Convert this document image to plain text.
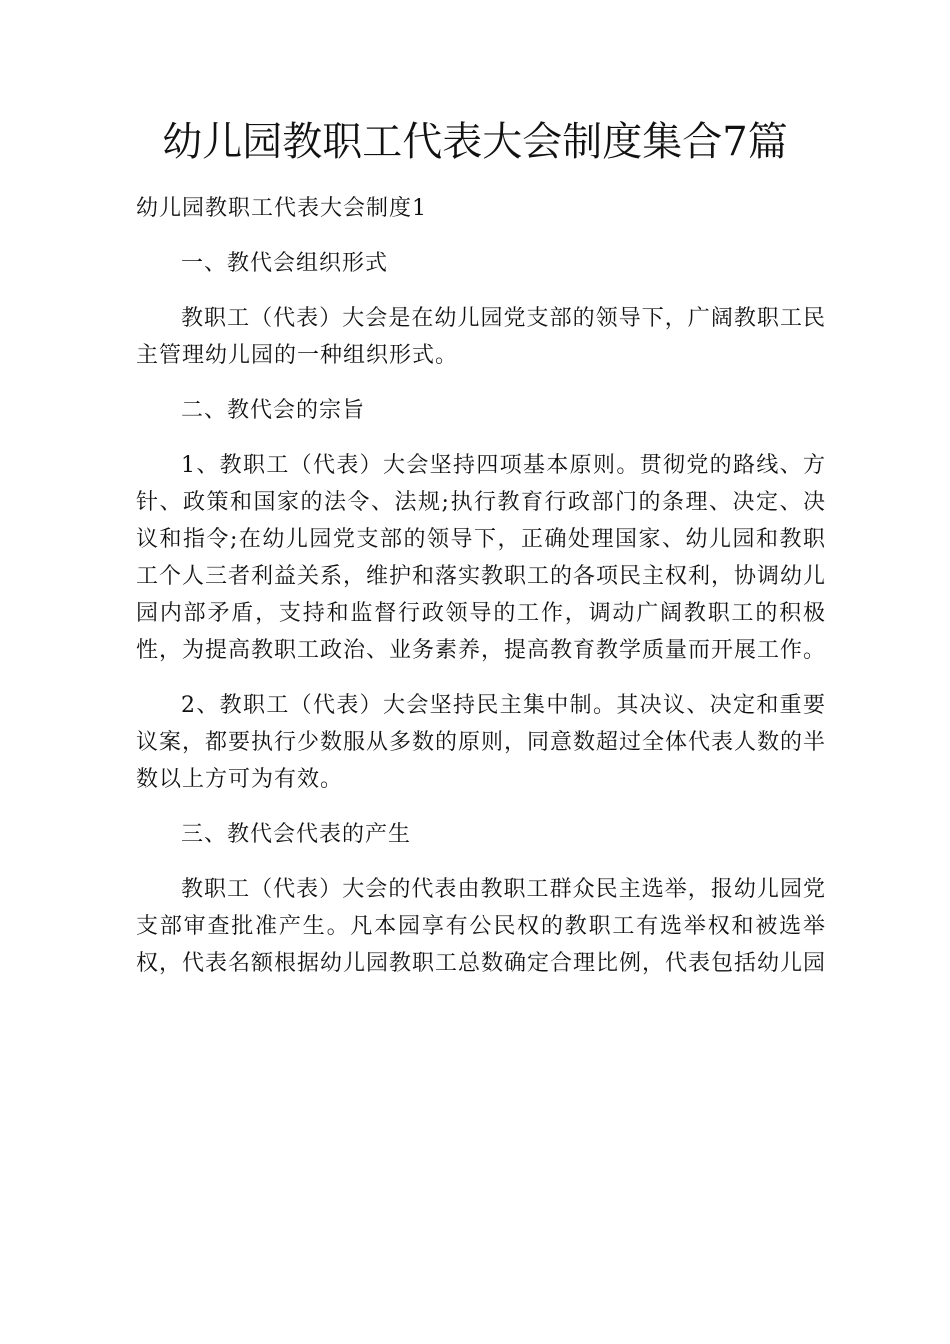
幼儿园教职工代表大会制度集合7篇

幼儿园教职工代表大会制度1

一、教代会组织形式

教职工（代表）大会是在幼儿园党支部的领导下，广阔教职工民主管理幼儿园的一种组织形式。

二、教代会的宗旨

1、教职工（代表）大会坚持四项基本原则。贯彻党的路线、方针、政策和国家的法令、法规;执行教育行政部门的条理、决定、决议和指令;在幼儿园党支部的领导下，正确处理国家、幼儿园和教职工个人三者利益关系，维护和落实教职工的各项民主权利，协调幼儿园内部矛盾，支持和监督行政领导的工作，调动广阔教职工的积极性，为提高教职工政治、业务素养，提高教育教学质量而开展工作。

2、教职工（代表）大会坚持民主集中制。其决议、决定和重要议案，都要执行少数服从多数的原则，同意数超过全体代表人数的半数以上方可为有效。

三、教代会代表的产生

教职工（代表）大会的代表由教职工群众民主选举，报幼儿园党支部审查批准产生。凡本园享有公民权的教职工有选举权和被选举权，代表名额根据幼儿园教职工总数确定合理比例，代表包括幼儿园
